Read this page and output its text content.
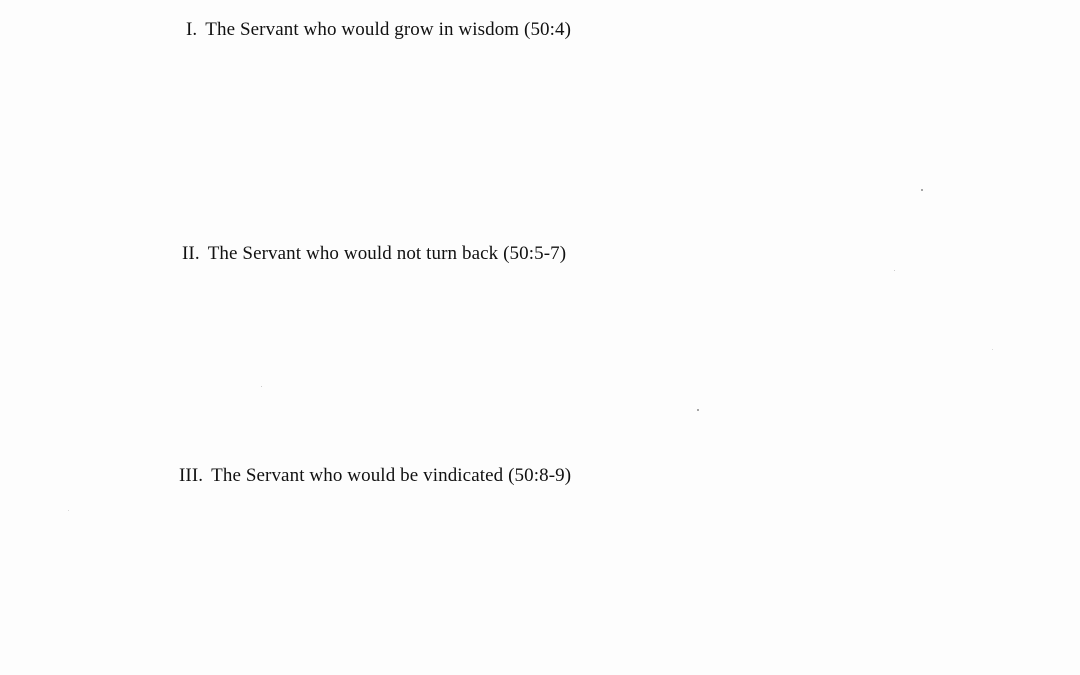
I. The Servant who would grow in wisdom (50:4)
II. The Servant who would not turn back (50:5-7)
III. The Servant who would be vindicated (50:8-9)
